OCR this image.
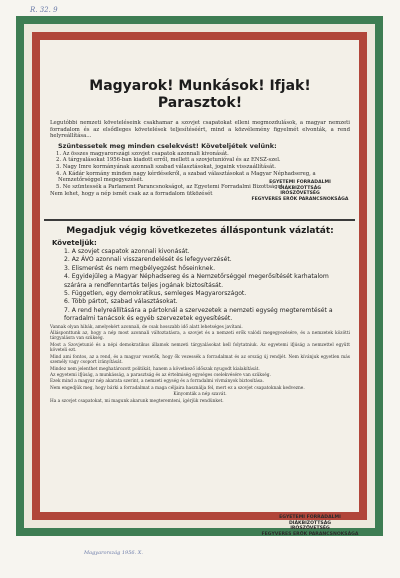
R. 32. 9
Magyarok! Munkások! Ifjak!
Parasztok!

Legutóbbi nemzeti követeléseink csakhamar a szovjet csapatokat elleni megmozdulások, a magyar nemzeti forradalom és az elsődleges követelések teljesítéséért, mind a közvélemény figyelmét elvonták, a rend helyreállítása...

Szüntessetek meg minden cselekvést! Követeljétek velünk:
1. Az összes magyarországi szovjet csapatok azonnali kivonását.
2. A tárgyalásokat 1956-ban kiadott erről, mellett a szovjetunióval és az ENSZ-szel.
3. Nagy Imre kormányának azonnali szabad választásokat, jogaink visszaállítását.
4. A Kádár kormány minden nagy kérdésekről, a szabad választásokat a Magyar Néphadsereg, a Nemzetőrséggel megegyezését.
5. Ne szüntessék a Parlament Parancsnokságot, az Egyetemi Forradalmi Bizottságot.

Nem lehet, hogy a nép ismét csak az a forradalom ütközését

EGYETEMI FORRADALMI DIÁKBIZOTTSÁG
IRÓSZÖVETSÉG
FEGYVERES ERŐK PARANCSNOKSÁGA
Megadjuk végig következetes álláspontunk vázlatát:
Követeljük:
1. A szovjet csapatok azonnali kivonását.
2. Az ÁVO azonnali visszarendelését és lefegyverzését.
3. Elismerést és nem megbélyegzést hőseinknek.
4. Egyidejűleg a Magyar Néphadsereg és a Nemzetőrséggel megerősítését karhatalom szárára a rendfenntartás teljes jogának biztosítását.
5. Független, egy demokratikus, semleges Magyarországot.
6. Több pártot, szabad választásokat.
7. A rend helyreállítására a pártoknál a szervezetek a nemzeti egység megteremtését a forradalmi tanácsok és egyéb szervezetek egyesítését.

Vannak olyan hibák, amelyekért azonnali, de csak hosszabb idő alatt lehetséges javítani.

Állásponttunk az, hogy a nép most azonnali változtatásra, a szovjet és a nemzeti erők valódi megegyezésére, és a nemzetek közötti tárgyalásra van szükség.

Most a Szovjetunió és a népi demokratikus államok nemzeti tárgyalásokat kell folytatniuk. Az egyetemi ifjúság a nemzettel együtt követeli ezt.

Mind ami fontos, az a rend, és a magyar vezetők, hogy ők vezessék a forradalmat és az ország új rendjét. Nem kívánjuk egyetlen más személy vagy csoport irányítását.

Mindez nem jelenthet meghatározott politikát, hanem a következő időszak nyugodt kialakítását.

Az egyetemi ifjúság, a munkásság, a parasztság és az értelmiség egységes cselekvésére van szükség.

Ezek mind a magyar nép akarata szerint, a nemzeti egység és a forradalmi vívmányok biztosítása.

Nem engedjük meg, hogy bárki a forradalmat a maga céljaira használja fel, mert ez a szovjet csapatoknak kedvezne.

Kinyomták a nép szavát.

Ha a szovjet csapatokat, mi magunk akarunk megteremteni, ígérjük rendünket.

EGYETEMI FORRADALMI DIÁKBIZOTTSÁG
IRÓSZÖVETSÉG
FEGYVERES ERŐK PARANCSNOKSÁGA
Magyarország 1956. X.
